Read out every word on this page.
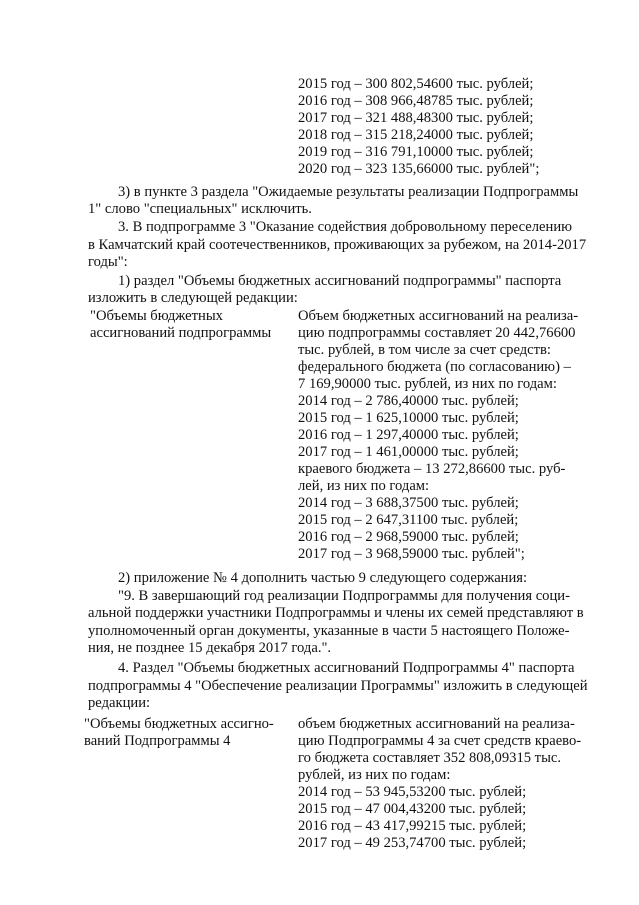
2015 год – 300 802,54600 тыс. рублей;
2016 год – 308 966,48785 тыс. рублей;
2017 год – 321 488,48300 тыс. рублей;
2018 год – 315 218,24000 тыс. рублей;
2019 год – 316 791,10000 тыс. рублей;
2020 год – 323 135,66000 тыс. рублей";
3) в пункте 3 раздела "Ожидаемые результаты реализации Подпрограммы
1" слово "специальных" исключить.
3. В подпрограмме 3 "Оказание содействия добровольному переселению
в Камчатский край соотечественников, проживающих за рубежом, на 2014-2017
годы":
1) раздел "Объемы бюджетных ассигнований подпрограммы" паспорта
изложить в следующей редакции:
"Объемы бюджетных
ассигнований подпрограммы
Объем бюджетных ассигнований на реализа-
цию подпрограммы составляет 20 442,76600
тыс. рублей, в том числе за счет средств:
федерального бюджета (по согласованию) –
7 169,90000 тыс. рублей, из них по годам:
2014 год – 2 786,40000 тыс. рублей;
2015 год – 1 625,10000 тыс. рублей;
2016 год – 1 297,40000 тыс. рублей;
2017 год – 1 461,00000 тыс. рублей;
краевого бюджета – 13 272,86600 тыс. руб-
лей, из них по годам:
2014 год – 3 688,37500 тыс. рублей;
2015 год – 2 647,31100 тыс. рублей;
2016 год – 2 968,59000 тыс. рублей;
2017 год – 3 968,59000 тыс. рублей";
2) приложение № 4 дополнить частью 9 следующего содержания:
"9. В завершающий год реализации Подпрограммы для получения соци-
альной поддержки участники Подпрограммы и члены их семей представляют в
уполномоченный орган документы, указанные в части 5 настоящего Положе-
ния, не позднее 15 декабря 2017 года.".
4. Раздел "Объемы бюджетных ассигнований Подпрограммы 4" паспорта
подпрограммы 4 "Обеспечение реализации Программы" изложить в следующей
редакции:
"Объемы бюджетных ассигно-
ваний Подпрограммы 4
объем бюджетных ассигнований на реализа-
цию Подпрограммы 4 за счет средств краево-
го бюджета составляет 352 808,09315 тыс.
рублей, из них по годам:
2014 год – 53 945,53200 тыс. рублей;
2015 год – 47 004,43200 тыс. рублей;
2016 год – 43 417,99215 тыс. рублей;
2017 год – 49 253,74700 тыс. рублей;
